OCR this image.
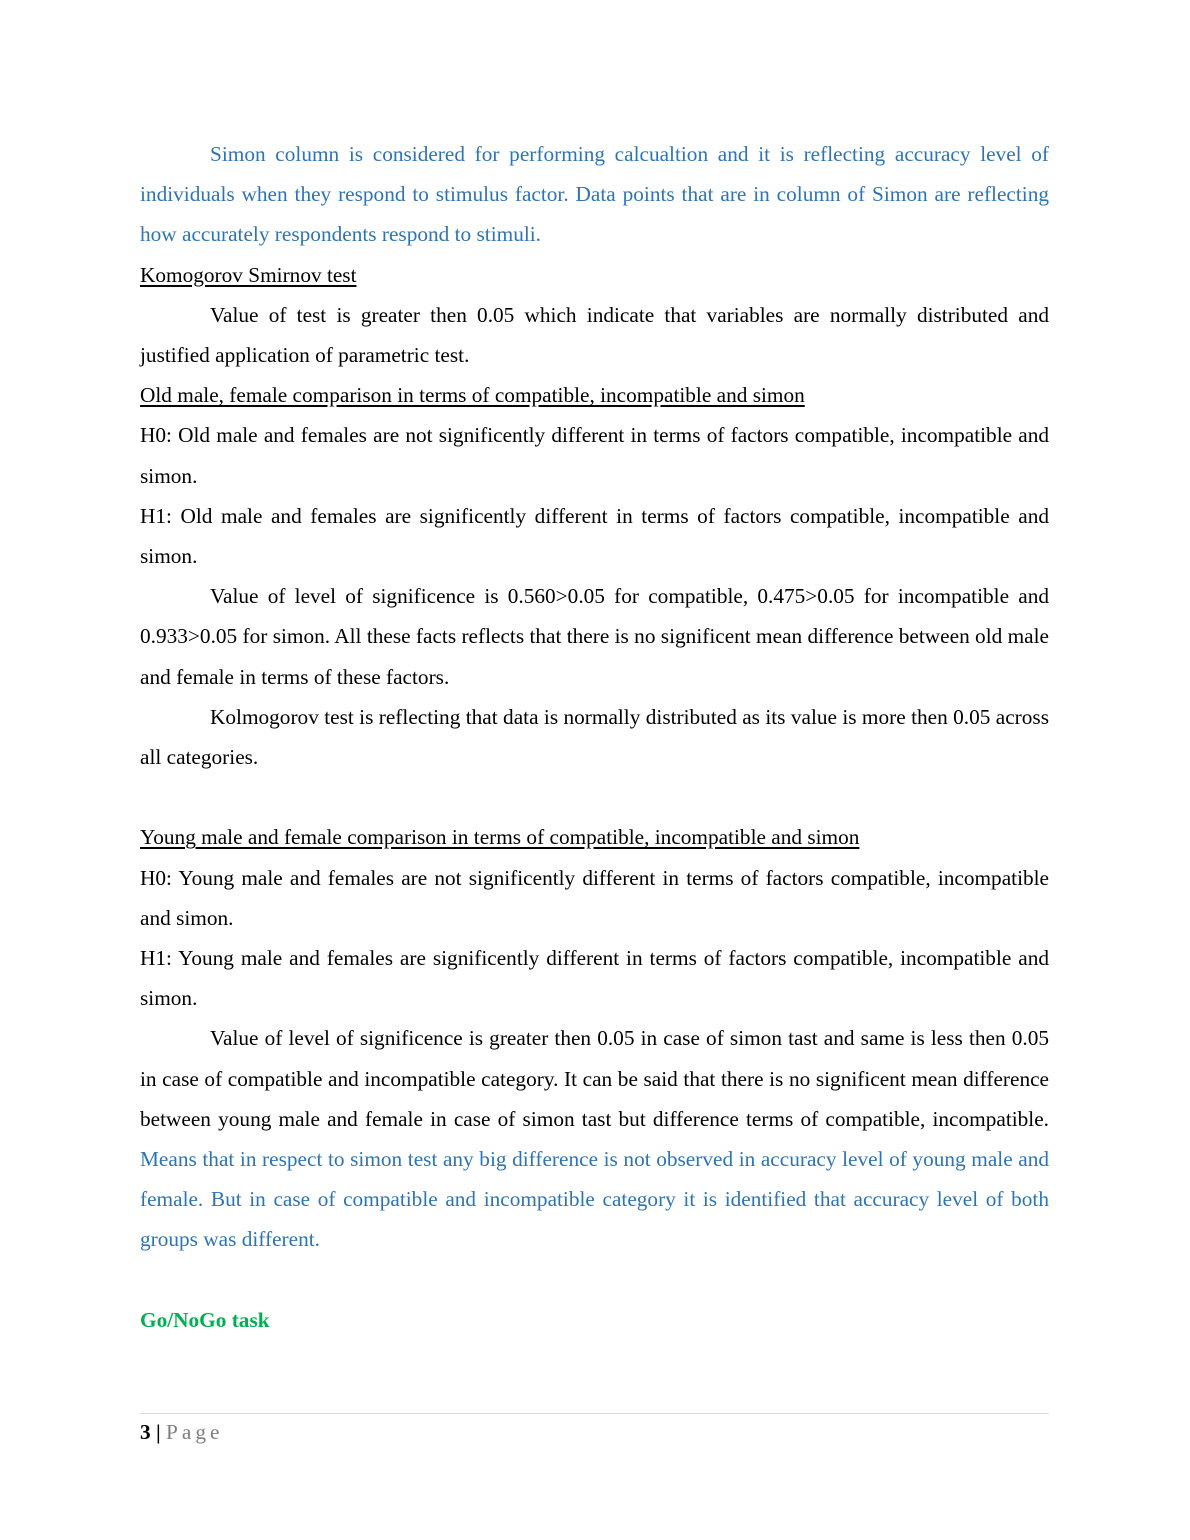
Simon column is considered for performing calcualtion and it is reflecting accuracy level of individuals when they respond to stimulus factor. Data points that are in column of Simon are reflecting how accurately respondents respond to stimuli.

Komogorov Smirnov test

Value of test is greater then 0.05 which indicate that variables are normally distributed and justified application of parametric test.

Old male, female comparison in terms of compatible, incompatible and simon

H0: Old male and females are not significently different in terms of factors compatible, incompatible and simon.

H1: Old male and females are significently different in terms of factors compatible, incompatible and simon.

Value of level of significence is 0.560>0.05 for compatible, 0.475>0.05 for incompatible and 0.933>0.05 for simon. All these facts reflects that there is no significent mean difference between old male and female in terms of these factors.

Kolmogorov test is reflecting that data is normally distributed as its value is more then 0.05 across all categories.

Young male and female comparison in terms of compatible, incompatible and simon

H0: Young male and females are not significently different in terms of factors compatible, incompatible and simon.

H1: Young male and females are significently different in terms of factors compatible, incompatible and simon.

Value of level of significence is greater then 0.05 in case of simon tast and same is less then 0.05 in case of compatible and incompatible category. It can be said that there is no significent mean difference between young male and female in case of simon tast but difference terms of compatible, incompatible. Means that in respect to simon test any big difference is not observed in accuracy level of young male and female. But in case of compatible and incompatible category it is identified that accuracy level of both groups was different.

Go/NoGo task

3 | Page
